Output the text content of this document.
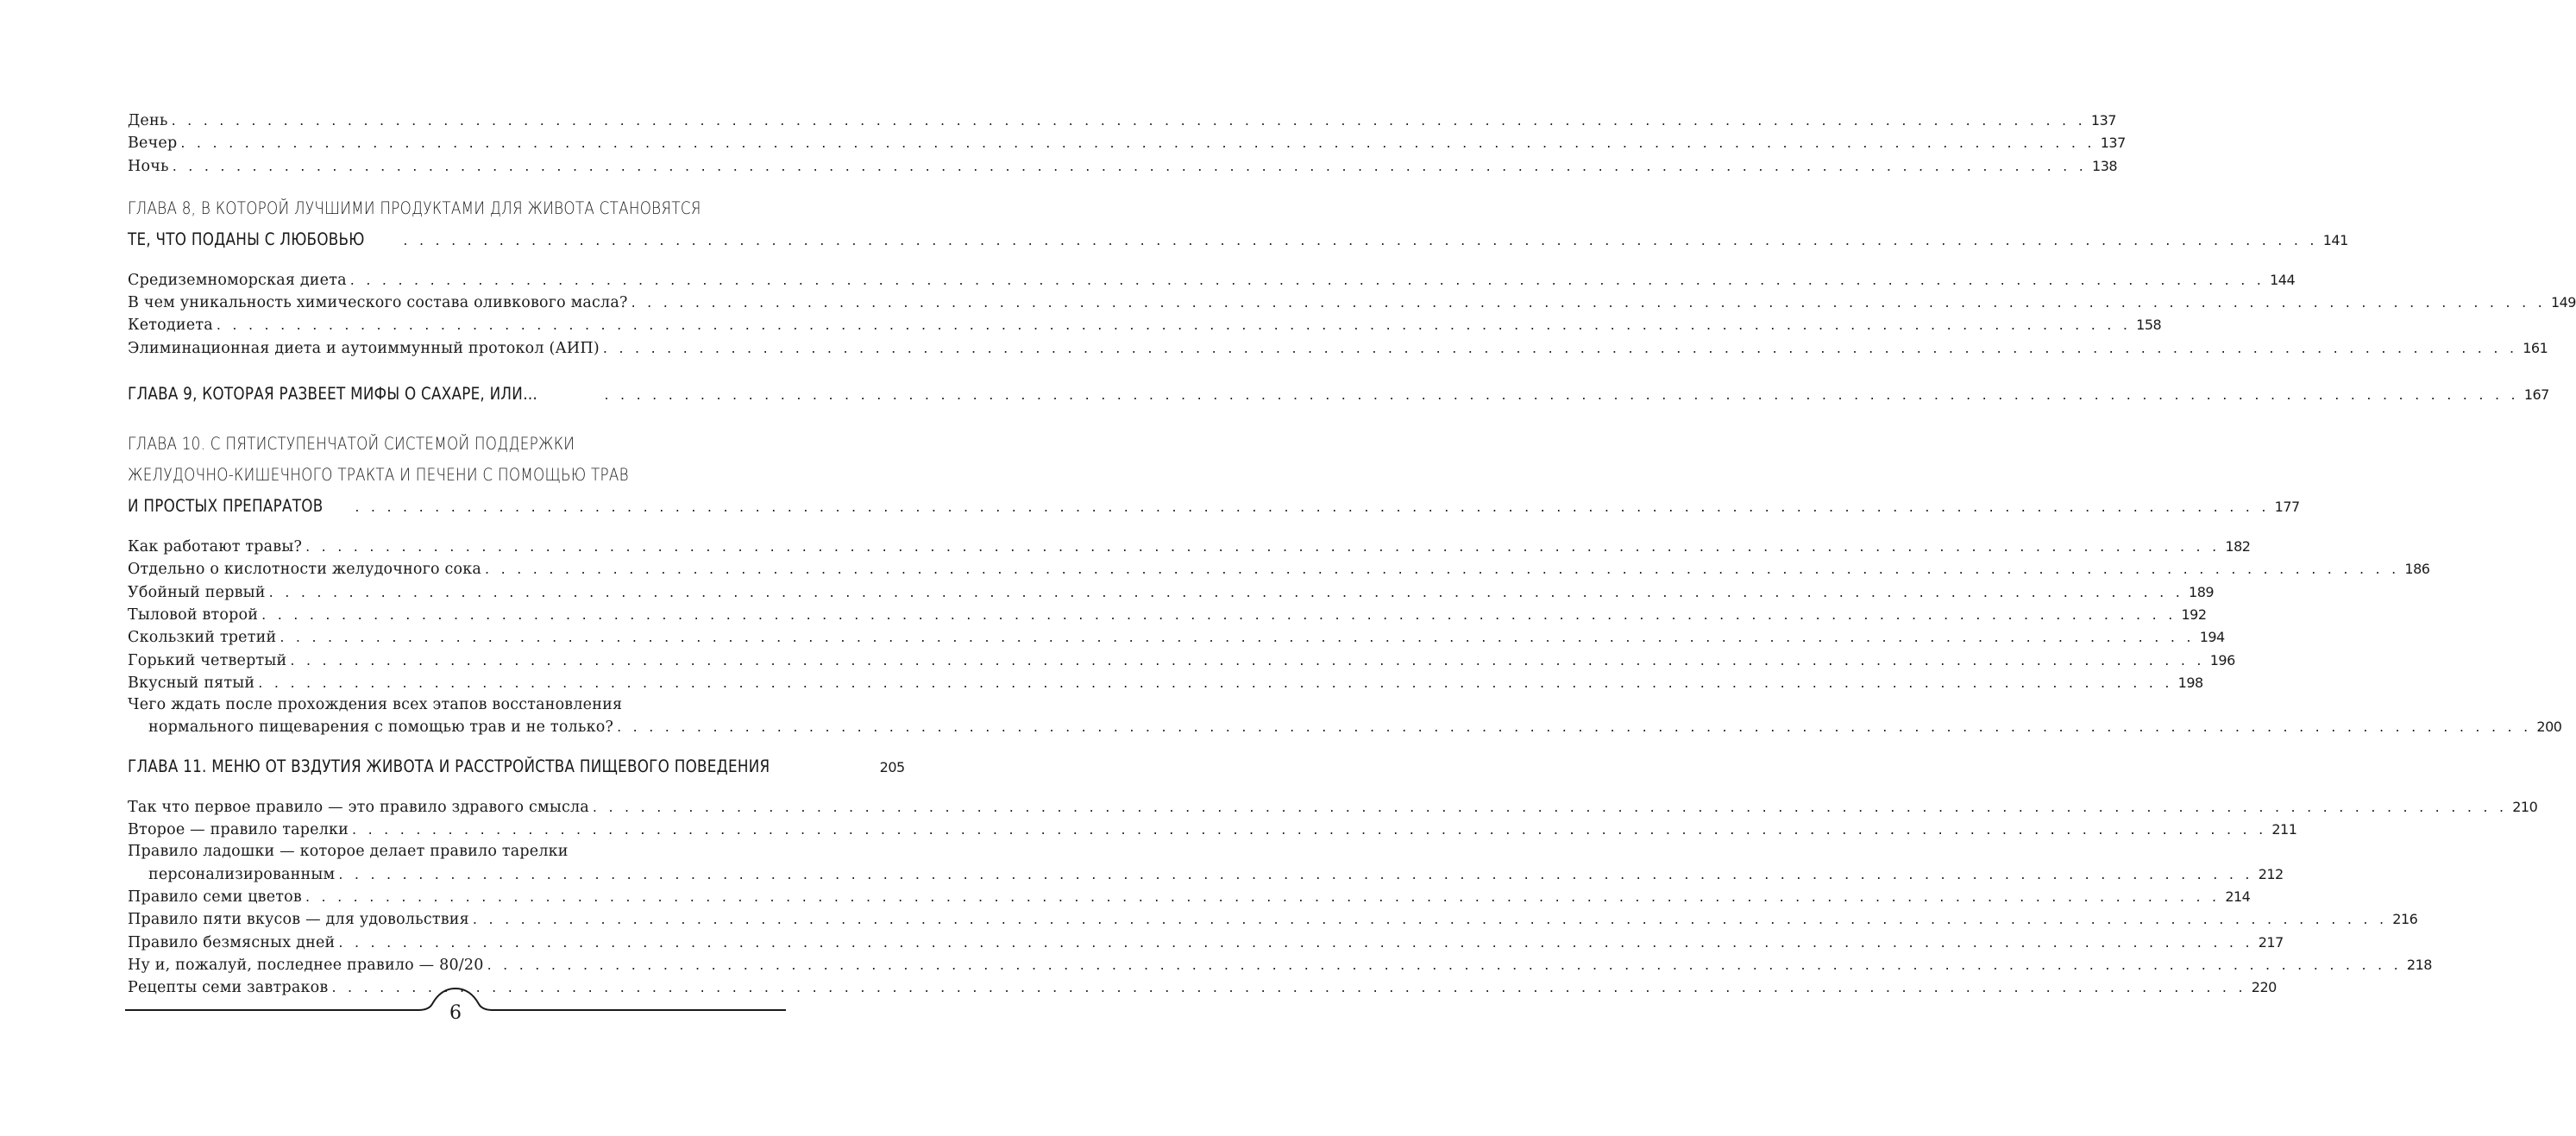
День . . . . . . . . . . . . . . . . . . . . . . . . . . . . . . . . . . . . . . . . . . . . . . . . . . . . . . . . . . . . . . . . . . . . . . . . . . . . . . . . . . . . . . . . . . . . . . . . . . . . . . . . . . . . . . . . . . . . . . . . 137
Вечер . . . . . . . . . . . . . . . . . . . . . . . . . . . . . . . . . . . . . . . . . . . . . . . . . . . . . . . . . . . . . . . . . . . . . . . . . . . . . . . . . . . . . . . . . . . . . . . . . . . . . . . . . . . . . . . . . . . . . . . . 137
Ночь . . . . . . . . . . . . . . . . . . . . . . . . . . . . . . . . . . . . . . . . . . . . . . . . . . . . . . . . . . . . . . . . . . . . . . . . . . . . . . . . . . . . . . . . . . . . . . . . . . . . . . . . . . . . . . . . . . . . . . . . 138
ГЛАВА 8, В КОТОРОЙ ЛУЧШИМИ ПРОДУКТАМИ ДЛЯ ЖИВОТА СТАНОВЯТСЯ
ТЕ, ЧТО ПОДАНЫ С ЛЮБОВЬЮ	. . . . . . . . . . . . . . . . . . . . . . . . . . . . . . . . . . . . . . . . . . . . . . . . . . . . . . . . . . . . . . . . . . . . . . . . . . . . . . . . . . . . . . . . . . . . . . . . . . . . . . . . . . . . . . . . . . . . . . . . 141
Средиземноморская диета . . . . . . . . . . . . . . . . . . . . . . . . . . . . . . . . . . . . . . . . . . . . . . . . . . . . . . . . . . . . . . . . . . . . . . . . . . . . . . . . . . . . . . . . . . . . . . . . . . . . . . . . . . . . . . . . . . . . . . . . 144
В чем уникальность химического состава оливкового масла? . . . . . . . . . . . . . . . . . . . . . . . . . . . . . . . . . . . . . . . . . . . . . . . . . . . . . . . . . . . . . . . . . . . . . . . . . . . . . . . . . . . . . . . . . . . . . . . . . . . . . . . . . . . . . . . . . . . . . . . . 149
Кетодиета . . . . . . . . . . . . . . . . . . . . . . . . . . . . . . . . . . . . . . . . . . . . . . . . . . . . . . . . . . . . . . . . . . . . . . . . . . . . . . . . . . . . . . . . . . . . . . . . . . . . . . . . . . . . . . . . . . . . . . . . 158
Элиминационная диета и аутоиммунный протокол (АИП) . . . . . . . . . . . . . . . . . . . . . . . . . . . . . . . . . . . . . . . . . . . . . . . . . . . . . . . . . . . . . . . . . . . . . . . . . . . . . . . . . . . . . . . . . . . . . . . . . . . . . . . . . . . . . . . . . . . . . . . . 161
ГЛАВА 9, КОТОРАЯ РАЗВЕЕТ МИФЫ О САХАРЕ, ИЛИ…	. . . . . . . . . . . . . . . . . . . . . . . . . . . . . . . . . . . . . . . . . . . . . . . . . . . . . . . . . . . . . . . . . . . . . . . . . . . . . . . . . . . . . . . . . . . . . . . . . . . . . . . . . . . . . . . . . . . . . . . . 167
ГЛАВА 10. С ПЯТИСТУПЕНЧАТОЙ СИСТЕМОЙ ПОДДЕРЖКИ
ЖЕЛУДОЧНО-КИШЕЧНОГО ТРАКТА И ПЕЧЕНИ С ПОМОЩЬЮ ТРАВ
И ПРОСТЫХ ПРЕПАРАТОВ . . . . . . . . . . . . . . . . . . . . . . . . . . . . . . . . . . . . . . . . . . . . . . . . . . . . . . . . . . . . . . . . . . . . . . . . . . . . . . . . . . . . . . . . . . . . . . . . . . . . . . . . . . . . . . . . . . . . . . . . 177
Как работают травы? . . . . . . . . . . . . . . . . . . . . . . . . . . . . . . . . . . . . . . . . . . . . . . . . . . . . . . . . . . . . . . . . . . . . . . . . . . . . . . . . . . . . . . . . . . . . . . . . . . . . . . . . . . . . . . . . . . . . . . . . 182
Отдельно о кислотности желудочного сока . . . . . . . . . . . . . . . . . . . . . . . . . . . . . . . . . . . . . . . . . . . . . . . . . . . . . . . . . . . . . . . . . . . . . . . . . . . . . . . . . . . . . . . . . . . . . . . . . . . . . . . . . . . . . . . . . . . . . . . . 186
Убойный первый . . . . . . . . . . . . . . . . . . . . . . . . . . . . . . . . . . . . . . . . . . . . . . . . . . . . . . . . . . . . . . . . . . . . . . . . . . . . . . . . . . . . . . . . . . . . . . . . . . . . . . . . . . . . . . . . . . . . . . . . 189
Тыловой второй . . . . . . . . . . . . . . . . . . . . . . . . . . . . . . . . . . . . . . . . . . . . . . . . . . . . . . . . . . . . . . . . . . . . . . . . . . . . . . . . . . . . . . . . . . . . . . . . . . . . . . . . . . . . . . . . . . . . . . . . 192
Скользкий третий . . . . . . . . . . . . . . . . . . . . . . . . . . . . . . . . . . . . . . . . . . . . . . . . . . . . . . . . . . . . . . . . . . . . . . . . . . . . . . . . . . . . . . . . . . . . . . . . . . . . . . . . . . . . . . . . . . . . . . . . 194
Горький четвертый . . . . . . . . . . . . . . . . . . . . . . . . . . . . . . . . . . . . . . . . . . . . . . . . . . . . . . . . . . . . . . . . . . . . . . . . . . . . . . . . . . . . . . . . . . . . . . . . . . . . . . . . . . . . . . . . . . . . . . . . 196
Вкусный пятый . . . . . . . . . . . . . . . . . . . . . . . . . . . . . . . . . . . . . . . . . . . . . . . . . . . . . . . . . . . . . . . . . . . . . . . . . . . . . . . . . . . . . . . . . . . . . . . . . . . . . . . . . . . . . . . . . . . . . . . . 198
Чего ждать после прохождения всех этапов восстановления
нормального пищеварения с помощью трав и не только? . . . . . . . . . . . . . . . . . . . . . . . . . . . . . . . . . . . . . . . . . . . . . . . . . . . . . . . . . . . . . . . . . . . . . . . . . . . . . . . . . . . . . . . . . . . . . . . . . . . . . . . . . . . . . . . . . . . . . . . . 200
ГЛАВА 11. МЕНЮ ОТ ВЗДУТИЯ ЖИВОТА И РАССТРОЙСТВА ПИЩЕВОГО ПОВЕДЕНИЯ	205
Так что первое правило — это правило здравого смысла . . . . . . . . . . . . . . . . . . . . . . . . . . . . . . . . . . . . . . . . . . . . . . . . . . . . . . . . . . . . . . . . . . . . . . . . . . . . . . . . . . . . . . . . . . . . . . . . . . . . . . . . . . . . . . . . . . . . . . . . 210
Второе — правило тарелки . . . . . . . . . . . . . . . . . . . . . . . . . . . . . . . . . . . . . . . . . . . . . . . . . . . . . . . . . . . . . . . . . . . . . . . . . . . . . . . . . . . . . . . . . . . . . . . . . . . . . . . . . . . . . . . . . . . . . . . . 211
Правило ладошки — которое делает правило тарелки
персонализированным . . . . . . . . . . . . . . . . . . . . . . . . . . . . . . . . . . . . . . . . . . . . . . . . . . . . . . . . . . . . . . . . . . . . . . . . . . . . . . . . . . . . . . . . . . . . . . . . . . . . . . . . . . . . . . . . . . . . . . . . 212
Правило семи цветов . . . . . . . . . . . . . . . . . . . . . . . . . . . . . . . . . . . . . . . . . . . . . . . . . . . . . . . . . . . . . . . . . . . . . . . . . . . . . . . . . . . . . . . . . . . . . . . . . . . . . . . . . . . . . . . . . . . . . . . . 214
Правило пяти вкусов — для удовольствия . . . . . . . . . . . . . . . . . . . . . . . . . . . . . . . . . . . . . . . . . . . . . . . . . . . . . . . . . . . . . . . . . . . . . . . . . . . . . . . . . . . . . . . . . . . . . . . . . . . . . . . . . . . . . . . . . . . . . . . . 216
Правило безмясных дней . . . . . . . . . . . . . . . . . . . . . . . . . . . . . . . . . . . . . . . . . . . . . . . . . . . . . . . . . . . . . . . . . . . . . . . . . . . . . . . . . . . . . . . . . . . . . . . . . . . . . . . . . . . . . . . . . . . . . . . . 217
Ну и, пожалуй, последнее правило — 80/20 . . . . . . . . . . . . . . . . . . . . . . . . . . . . . . . . . . . . . . . . . . . . . . . . . . . . . . . . . . . . . . . . . . . . . . . . . . . . . . . . . . . . . . . . . . . . . . . . . . . . . . . . . . . . . . . . . . . . . . . . 218
Рецепты семи завтраков . . . . . . . . . . . . . . . . . . . . . . . . . . . . . . . . . . . . . . . . . . . . . . . . . . . . . . . . . . . . . . . . . . . . . . . . . . . . . . . . . . . . . . . . . . . . . . . . . . . . . . . . . . . . . . . . . . . . . . . . 220
6
